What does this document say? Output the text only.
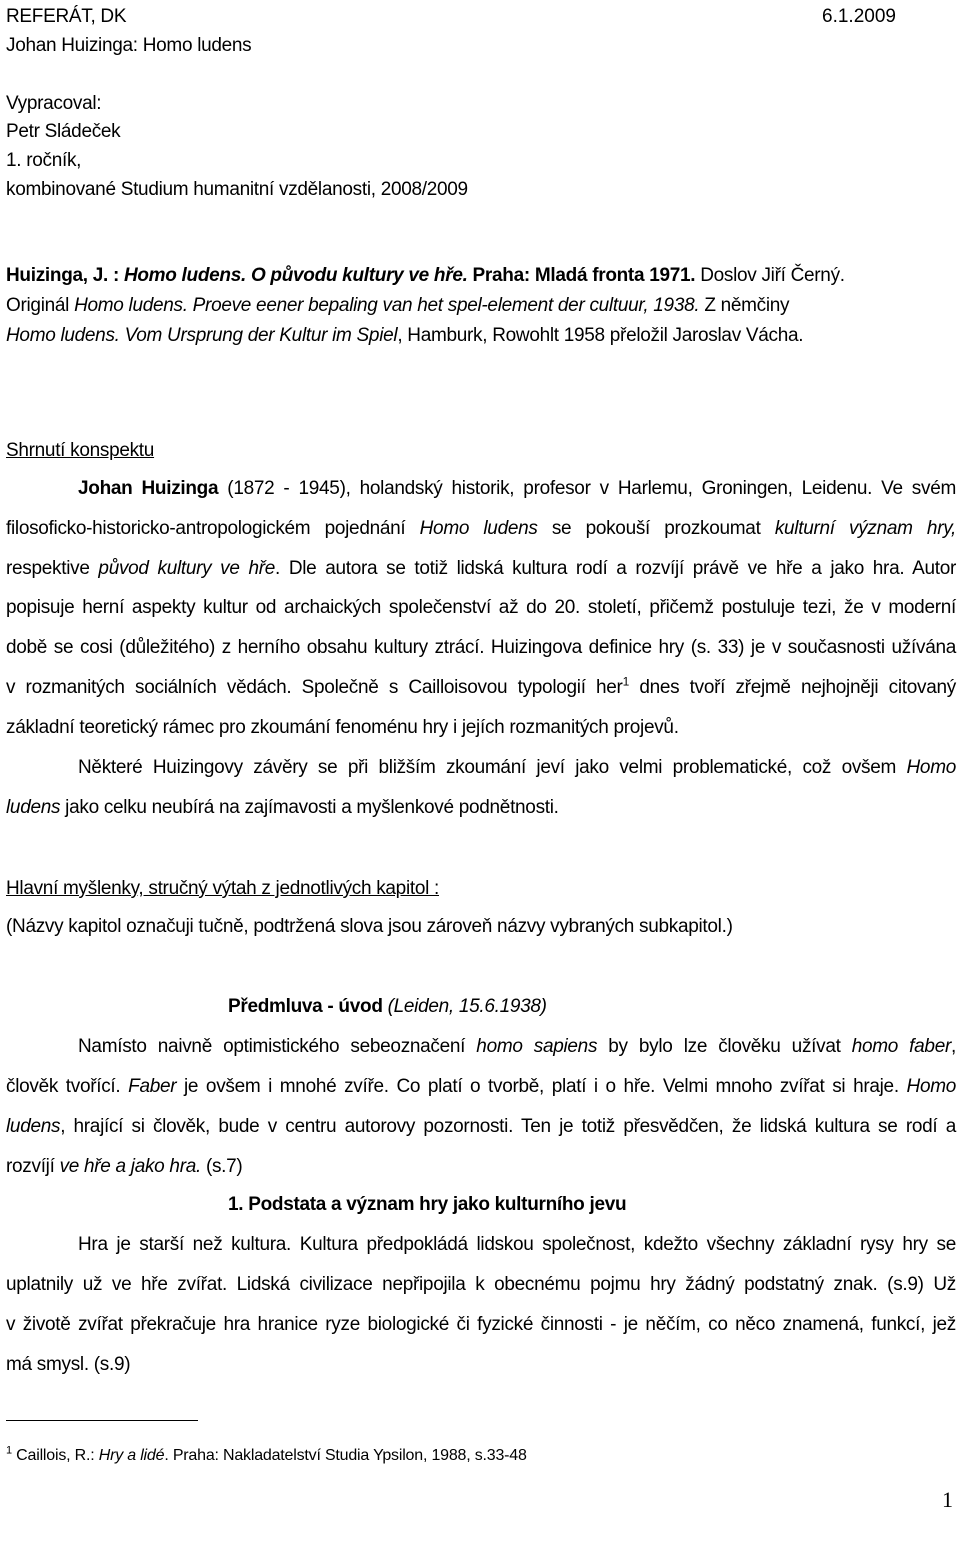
REFERÁT, DK	6.1.2009
Johan Huizinga: Homo ludens
Vypracoval:
Petr Sládeček
1. ročník,
kombinované Studium humanitní vzdělanosti, 2008/2009
Huizinga, J. : Homo ludens. O původu kultury ve hře. Praha: Mladá fronta 1971. Doslov Jiří Černý.
Originál Homo ludens. Proeve eener bepaling van het spel-element der cultuur, 1938. Z němčiny
Homo ludens. Vom Ursprung der Kultur im Spiel, Hamburk, Rowohlt 1958 přeložil Jaroslav Vácha.
Shrnutí konspektu
Johan Huizinga (1872 - 1945), holandský historik, profesor v Harlemu, Groningen, Leidenu. Ve svém
filosoficko-historicko-antropologickém pojednání Homo ludens se pokouší prozkoumat kulturní význam hry,
respektive původ kultury ve hře. Dle autora se totiž lidská kultura rodí a rozvíjí právě ve hře a jako hra. Autor
popisuje herní aspekty kultur od archaických společenství až do 20. století, přičemž postuluje tezi, že v moderní
době se cosi (důležitého) z herního obsahu kultury ztrácí. Huizingova definice hry (s. 33) je v současnosti užívána
v rozmanitých sociálních vědách. Společně s Cailloisovou typologií her$^1$ dnes tvoří zřejmě nejhojněji citovaný
základní teoretický rámec pro zkoumání fenoménu hry i jejích rozmanitých projevů.
Některé Huizingovy závěry se při bližším zkoumání jeví jako velmi problematické, což ovšem Homo
ludens jako celku neubírá na zajímavosti a myšlenkové podnětnosti.
Hlavní myšlenky, stručný výtah z jednotlivých kapitol :
(Názvy kapitol označuji tučně, podtržená slova jsou zároveň názvy vybraných subkapitol.)
Předmluva - úvod (Leiden, 15.6.1938)
Namísto naivně optimistického sebeoznačení homo sapiens by bylo lze člověku užívat homo faber,
člověk tvořící. Faber je ovšem i mnohé zvíře. Co platí o tvorbě, platí i o hře. Velmi mnoho zvířat si hraje. Homo
ludens, hrající si člověk, bude v centru autorovy pozornosti. Ten je totiž přesvědčen, že lidská kultura se rodí a
rozvíjí ve hře a jako hra. (s.7)
1. Podstata a význam hry jako kulturního jevu
Hra je starší než kultura. Kultura předpokládá lidskou společnost, kdežto všechny základní rysy hry se
uplatnily už ve hře zvířat. Lidská civilizace nepřipojila k obecnému pojmu hry žádný podstatný znak. (s.9) Už
v životě zvířat překračuje hra hranice ryze biologické či fyzické činnosti - je něčím, co něco znamená, funkcí, jež
má smysl. (s.9)
$^1$ Caillois, R.: Hry a lidé. Praha: Nakladatelství Studia Ypsilon, 1988, s.33-48
1
